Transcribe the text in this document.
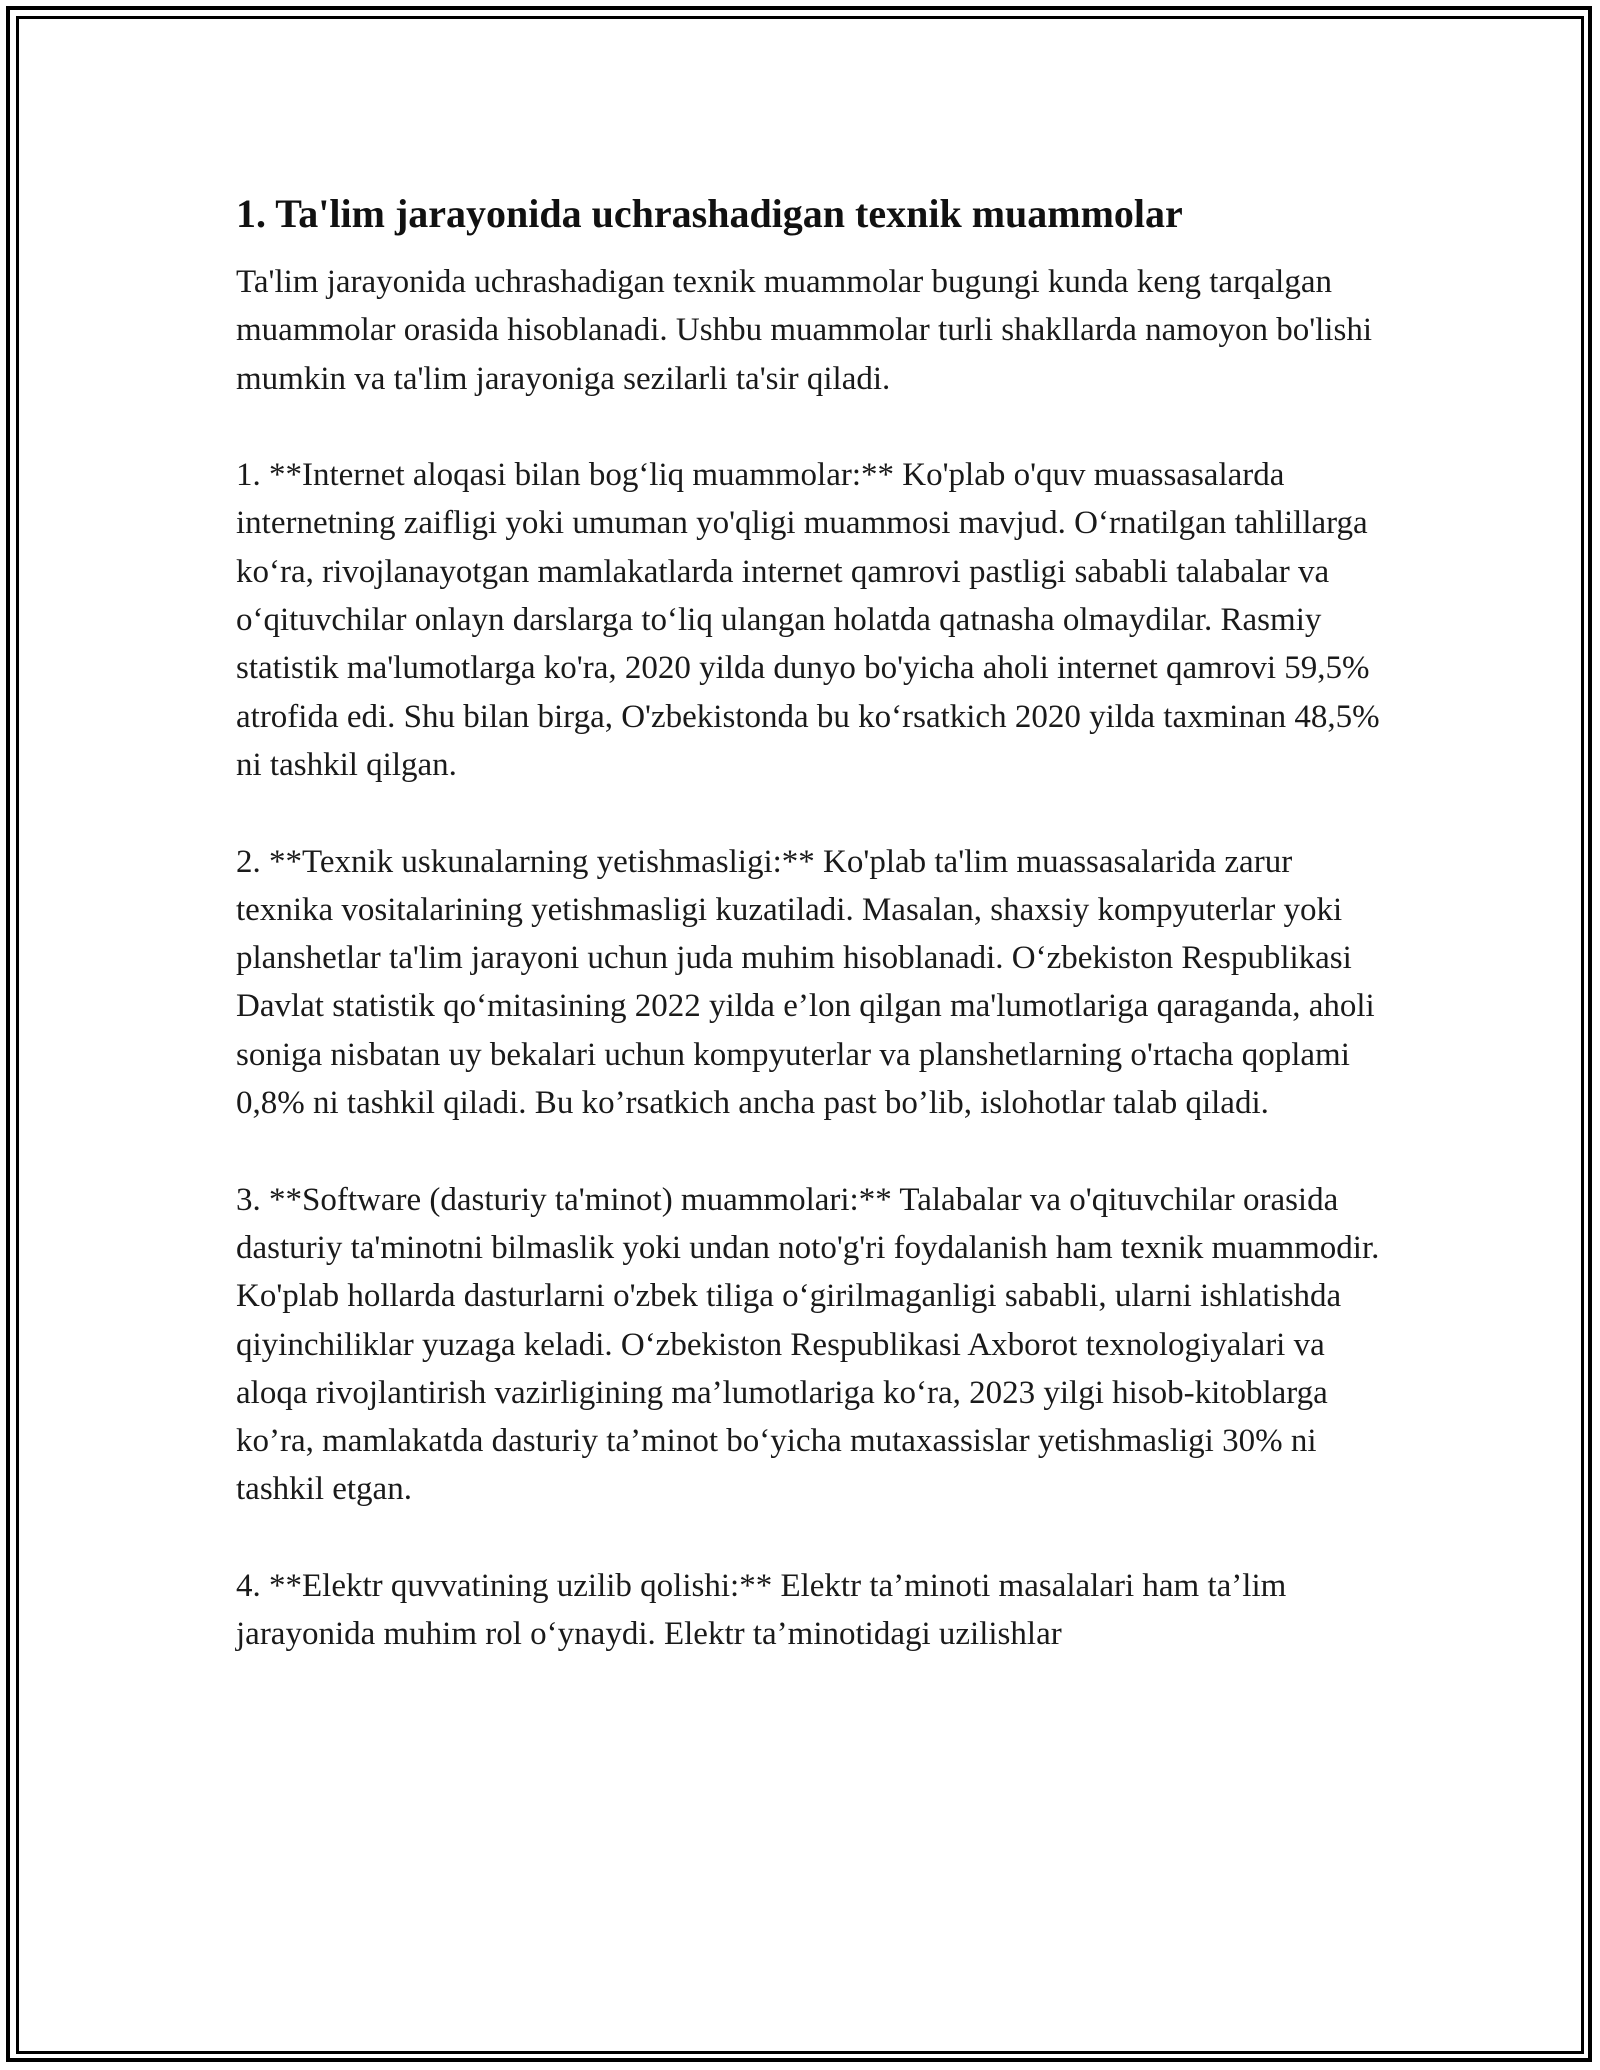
1. Ta'lim jarayonida uchrashadigan texnik muammolar

Ta'lim jarayonida uchrashadigan texnik muammolar bugungi kunda keng tarqalgan muammolar orasida hisoblanadi. Ushbu muammolar turli shakllarda namoyon bo'lishi mumkin va ta'lim jarayoniga sezilarli ta'sir qiladi.

1. **Internet aloqasi bilan bog‘liq muammolar:** Ko'plab o'quv muassasalarda internetning zaifligi yoki umuman yo'qligi muammosi mavjud. O‘rnatilgan tahlillarga ko‘ra, rivojlanayotgan mamlakatlarda internet qamrovi pastligi sababli talabalar va o‘qituvchilar onlayn darslarga to‘liq ulangan holatda qatnasha olmaydilar. Rasmiy statistik ma'lumotlarga ko'ra, 2020 yilda dunyo bo'yicha aholi internet qamrovi 59,5% atrofida edi. Shu bilan birga, O'zbekistonda bu ko‘rsatkich 2020 yilda taxminan 48,5% ni tashkil qilgan.

2. **Texnik uskunalarning yetishmasligi:** Ko'plab ta'lim muassasalarida zarur texnika vositalarining yetishmasligi kuzatiladi. Masalan, shaxsiy kompyuterlar yoki planshetlar ta'lim jarayoni uchun juda muhim hisoblanadi. O‘zbekiston Respublikasi Davlat statistik qo‘mitasining 2022 yilda e’lon qilgan ma'lumotlariga qaraganda, aholi soniga nisbatan uy bekalari uchun kompyuterlar va planshetlarning o'rtacha qoplami 0,8% ni tashkil qiladi. Bu ko’rsatkich ancha past bo’lib, islohotlar talab qiladi.

3. **Software (dasturiy ta'minot) muammolari:** Talabalar va o'qituvchilar orasida dasturiy ta'minotni bilmaslik yoki undan noto'g'ri foydalanish ham texnik muammodir. Ko'plab hollarda dasturlarni o'zbek tiliga o‘girilmaganligi sababli, ularni ishlatishda qiyinchiliklar yuzaga keladi. O‘zbekiston Respublikasi Axborot texnologiyalari va aloqa rivojlantirish vazirligining ma’lumotlariga ko‘ra, 2023 yilgi hisob-kitoblarga ko’ra, mamlakatda dasturiy ta’minot bo‘yicha mutaxassislar yetishmasligi 30% ni tashkil etgan.

4. **Elektr quvvatining uzilib qolishi:** Elektr ta’minoti masalalari ham ta’lim jarayonida muhim rol o‘ynaydi. Elektr ta’minotidagi uzilishlar
